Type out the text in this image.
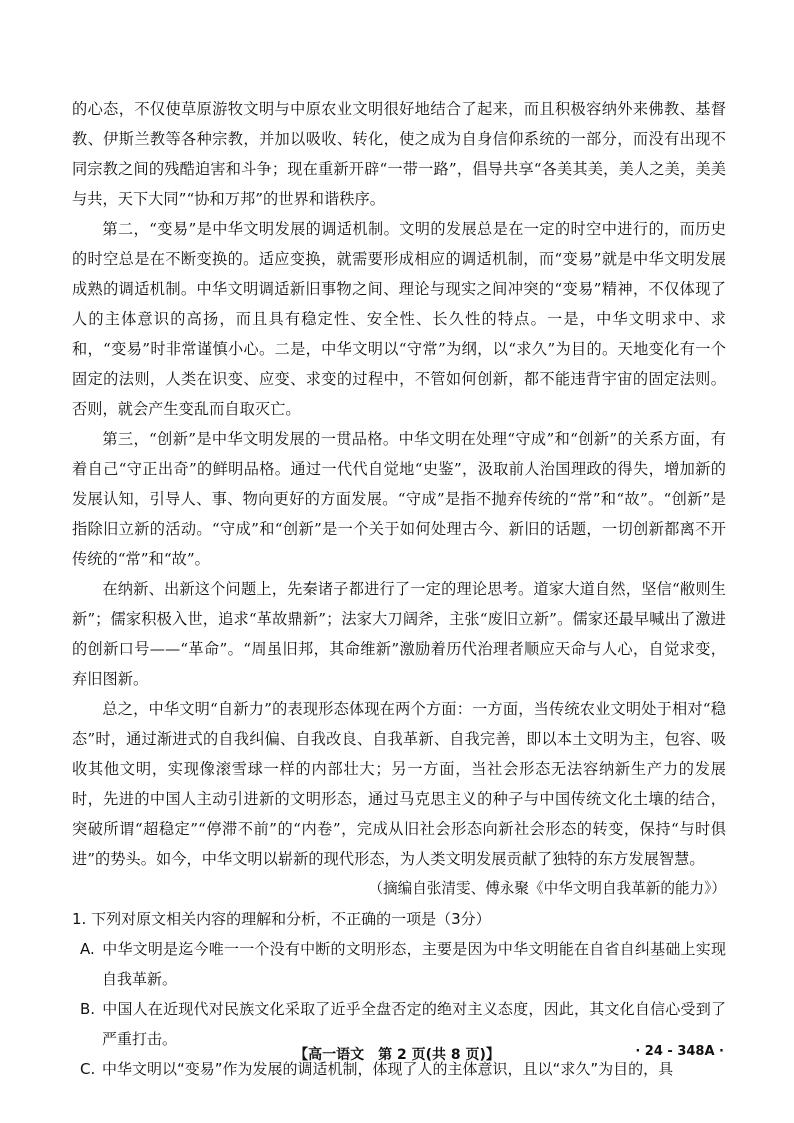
的心态，不仅使草原游牧文明与中原农业文明很好地结合了起来，而且积极容纳外来佛教、基督教、伊斯兰教等各种宗教，并加以吸收、转化，使之成为自身信仰系统的一部分，而没有出现不同宗教之间的残酷迫害和斗争；现在重新开辟“一带一路”，倡导共享“各美其美，美人之美，美美与共，天下大同”“协和万邦”的世界和谐秩序。

第二，“变易”是中华文明发展的调适机制。文明的发展总是在一定的时空中进行的，而历史的时空总是在不断变换的。适应变换，就需要形成相应的调适机制，而“变易”就是中华文明发展成熟的调适机制。中华文明调适新旧事物之间、理论与现实之间冲突的“变易”精神，不仅体现了人的主体意识的高扬，而且具有稳定性、安全性、长久性的特点。一是，中华文明求中、求和，“变易”时非常谨慎小心。二是，中华文明以“守常”为纲，以“求久”为目的。天地变化有一个固定的法则，人类在识变、应变、求变的过程中，不管如何创新，都不能违背宇宙的固定法则。否则，就会产生变乱而自取灭亡。

第三，“创新”是中华文明发展的一贯品格。中华文明在处理“守成”和“创新”的关系方面，有着自己“守正出奇”的鲜明品格。通过一代代自觉地“史鉴”，汲取前人治国理政的得失，增加新的发展认知，引导人、事、物向更好的方面发展。“守成”是指不抛弃传统的“常”和“故”。“创新”是指除旧立新的活动。“守成”和“创新”是一个关于如何处理古今、新旧的话题，一切创新都离不开传统的“常”和“故”。

在纳新、出新这个问题上，先秦诸子都进行了一定的理论思考。道家大道自然，坚信“敝则生新”；儒家积极入世，追求“革故鼎新”；法家大刀阔斧，主张“废旧立新”。儒家还最早喊出了激进的创新口号——“革命”。“周虽旧邦，其命维新”激励着历代治理者顺应天命与人心，自觉求变，弃旧图新。

总之，中华文明“自新力”的表现形态体现在两个方面：一方面，当传统农业文明处于相对“稳态”时，通过渐进式的自我纠偏、自我改良、自我革新、自我完善，即以本土文明为主，包容、吸收其他文明，实现像滚雪球一样的内部壮大；另一方面，当社会形态无法容纳新生产力的发展时，先进的中国人主动引进新的文明形态，通过马克思主义的种子与中国传统文化土壤的结合，突破所谓“超稳定”“停滞不前”的“内卷”，完成从旧社会形态向新社会形态的转变，保持“与时俱进”的势头。如今，中华文明以崭新的现代形态，为人类文明发展贡献了独特的东方发展智慧。

（摘编自张清雯、傅永聚《中华文明自我革新的能力》）

1. 下列对原文相关内容的理解和分析，不正确的一项是（3分）

A. 中华文明是迄今唯一一个没有中断的文明形态，主要是因为中华文明能在自省自纠基础上实现自我革新。

B. 中国人在近现代对民族文化采取了近乎全盘否定的绝对主义态度，因此，其文化自信心受到了严重打击。

C. 中华文明以“变易”作为发展的调适机制，体现了人的主体意识，且以“求久”为目的，具

【高一语文　第 2 页(共 8 页)】	· 24 - 348A ·
